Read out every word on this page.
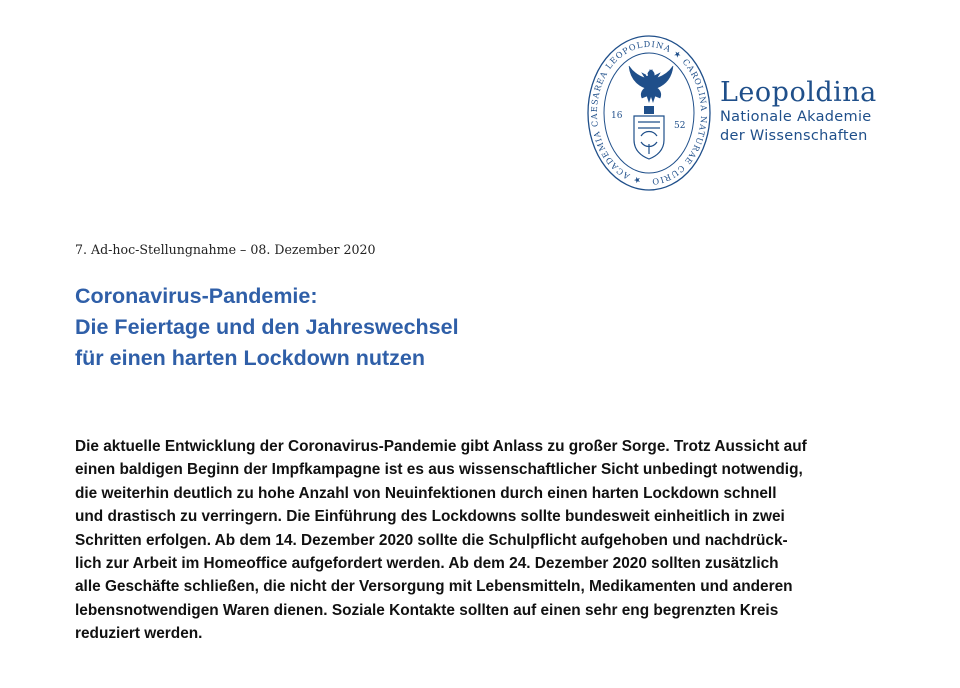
★ ACADEMIA CAESAREA LEOPOLDINA ★ CAROLINA NATURAE CURIO
16
52
Leopoldina
Nationale Akademie
der Wissenschaften
7. Ad-hoc-Stellungnahme – 08. Dezember 2020
Coronavirus-Pandemie:
Die Feiertage und den Jahreswechsel
für einen harten Lockdown nutzen
Die aktuelle Entwicklung der Coronavirus-Pandemie gibt Anlass zu großer Sorge. Trotz Aussicht auf
einen baldigen Beginn der Impfkampagne ist es aus wissenschaftlicher Sicht unbedingt notwendig,
die weiterhin deutlich zu hohe Anzahl von Neuinfektionen durch einen harten Lockdown schnell
und drastisch zu verringern. Die Einführung des Lockdowns sollte bundesweit einheitlich in zwei
Schritten erfolgen. Ab dem 14. Dezember 2020 sollte die Schulpflicht aufgehoben und nachdrück-
lich zur Arbeit im Homeoffice aufgefordert werden. Ab dem 24. Dezember 2020 sollten zusätzlich
alle Geschäfte schließen, die nicht der Versorgung mit Lebensmitteln, Medikamenten und anderen
lebensnotwendigen Waren dienen. Soziale Kontakte sollten auf einen sehr eng begrenzten Kreis
reduziert werden.
